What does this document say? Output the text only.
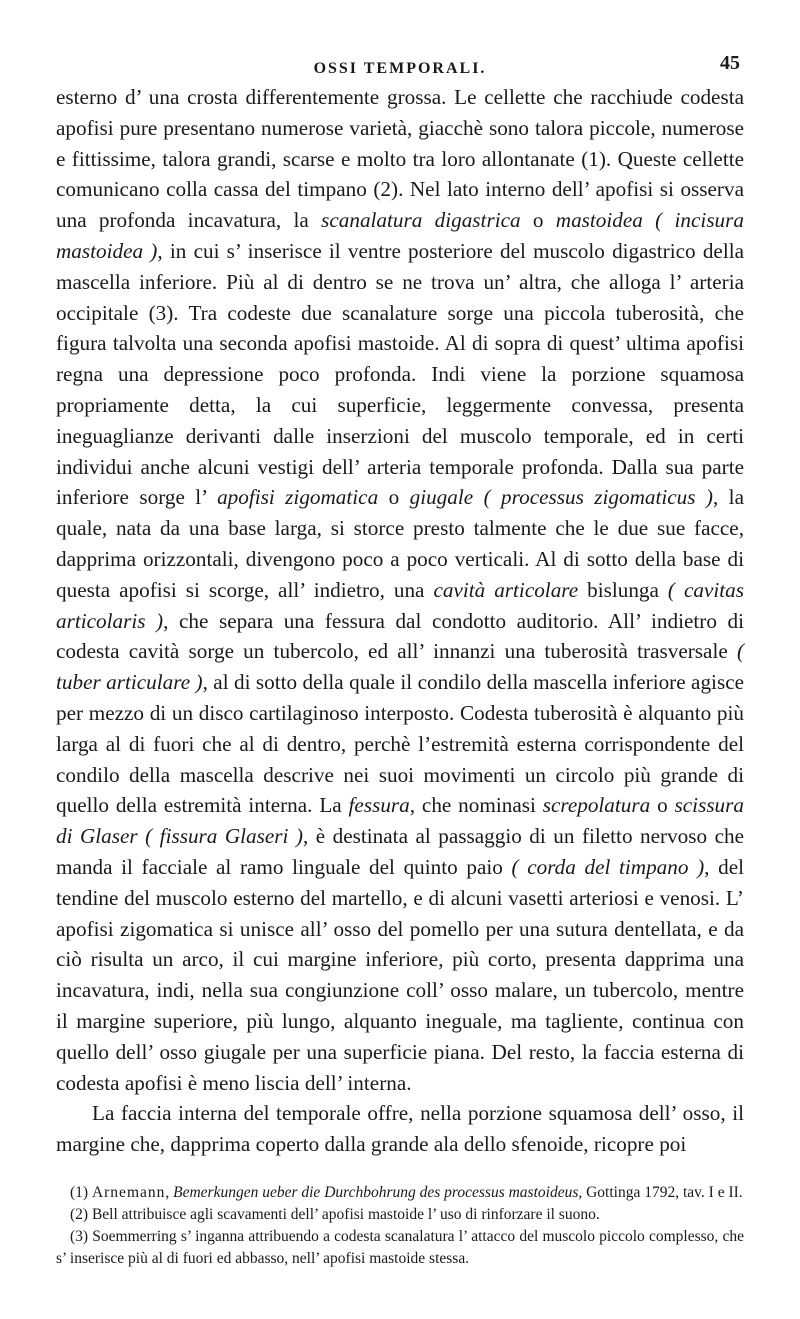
OSSI TEMPORALI.	45

esterno d’ una crosta differentemente grossa. Le cellette che racchiude codesta apofisi pure presentano numerose varietà, giacchè sono talora piccole, numerose e fittissime, talora grandi, scarse e molto tra loro allontanate (1). Queste cellette comunicano colla cassa del timpano (2). Nel lato interno dell’ apofisi si osserva una profonda incavatura, la scanalatura digastrica o mastoidea ( incisura mastoidea ), in cui s’ inserisce il ventre posteriore del muscolo digastrico della mascella inferiore. Più al di dentro se ne trova un’ altra, che alloga l’ arteria occipitale (3). Tra codeste due scanalature sorge una piccola tuberosità, che figura talvolta una seconda apofisi mastoide. Al di sopra di quest’ ultima apofisi regna una depressione poco profonda. Indi viene la porzione squamosa propriamente detta, la cui superficie, leggermente convessa, presenta ineguaglianze derivanti dalle inserzioni del muscolo temporale, ed in certi individui anche alcuni vestigi dell’ arteria temporale profonda. Dalla sua parte inferiore sorge l’ apofisi zigomatica o giugale ( processus zigomaticus ), la quale, nata da una base larga, si storce presto talmente che le due sue facce, dapprima orizzontali, divengono poco a poco verticali. Al di sotto della base di questa apofisi si scorge, all’ indietro, una cavità articolare bislunga ( cavitas articolaris ), che separa una fessura dal condotto auditorio. All’ indietro di codesta cavità sorge un tubercolo, ed all’ innanzi una tuberosità trasversale ( tuber articulare ), al di sotto della quale il condilo della mascella inferiore agisce per mezzo di un disco cartilaginoso interposto. Codesta tuberosità è alquanto più larga al di fuori che al di dentro, perchè l’estremità esterna corrispondente del condilo della mascella descrive nei suoi movimenti un circolo più grande di quello della estremità interna. La fessura, che nominasi screpolatura o scissura di Glaser ( fissura Glaseri ), è destinata al passaggio di un filetto nervoso che manda il facciale al ramo linguale del quinto paio ( corda del timpano ), del tendine del muscolo esterno del martello, e di alcuni vasetti arteriosi e venosi. L’ apofisi zigomatica si unisce all’ osso del pomello per una sutura dentellata, e da ciò risulta un arco, il cui margine inferiore, più corto, presenta dapprima una incavatura, indi, nella sua congiunzione coll’ osso malare, un tubercolo, mentre il margine superiore, più lungo, alquanto ineguale, ma tagliente, continua con quello dell’ osso giugale per una superficie piana. Del resto, la faccia esterna di codesta apofisi è meno liscia dell’ interna.

La faccia interna del temporale offre, nella porzione squamosa dell’ osso, il margine che, dapprima coperto dalla grande ala dello sfenoide, ricopre poi

(1) Arnemann, Bemerkungen ueber die Durchbohrung des processus mastoideus, Gottinga 1792, tav. I e II.

(2) Bell attribuisce agli scavamenti dell’ apofisi mastoide l’ uso di rinforzare il suono.

(3) Soemmerring s’ inganna attribuendo a codesta scanalatura l’ attacco del muscolo piccolo complesso, che s’ inserisce più al di fuori ed abbasso, nell’ apofisi mastoide stessa.
